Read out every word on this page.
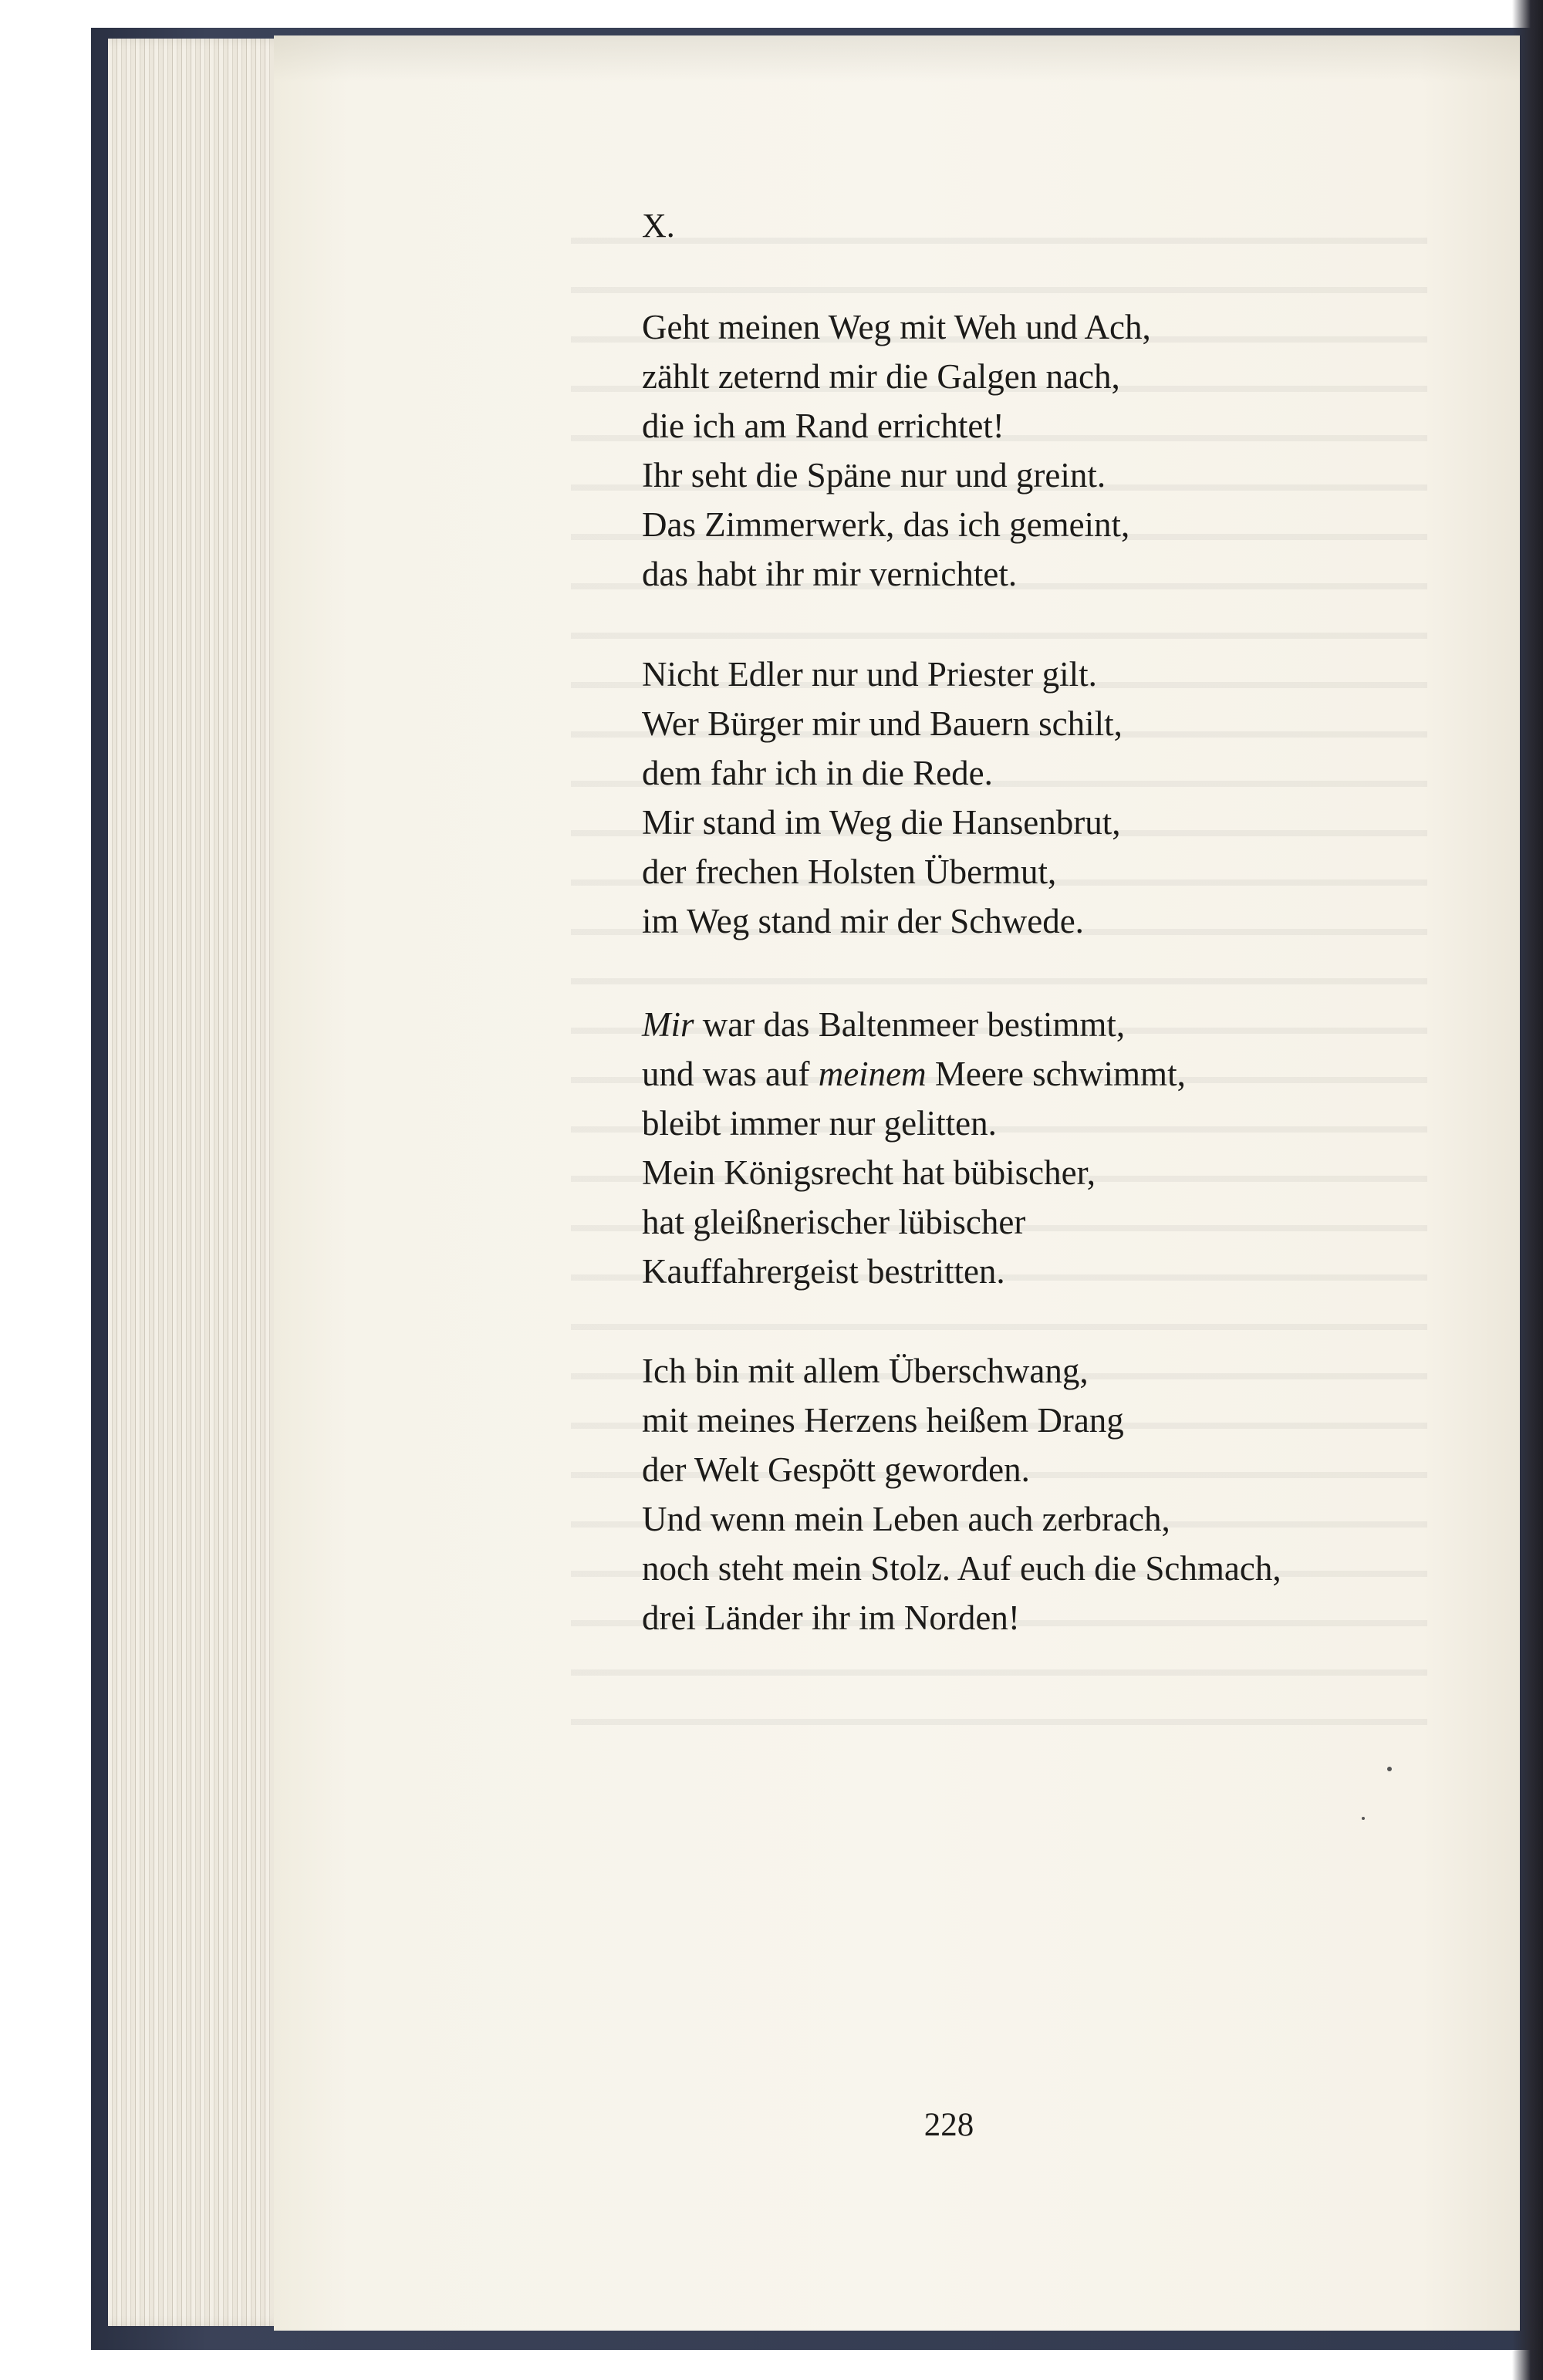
X.
Geht meinen Weg mit Weh und Ach,
zählt zeternd mir die Galgen nach,
die ich am Rand errichtet!
Ihr seht die Späne nur und greint.
Das Zimmerwerk, das ich gemeint,
das habt ihr mir vernichtet.
Nicht Edler nur und Priester gilt.
Wer Bürger mir und Bauern schilt,
dem fahr ich in die Rede.
Mir stand im Weg die Hansenbrut,
der frechen Holsten Übermut,
im Weg stand mir der Schwede.
Mir war das Baltenmeer bestimmt,
und was auf meinem Meere schwimmt,
bleibt immer nur gelitten.
Mein Königsrecht hat bübischer,
hat gleißnerischer lübischer
Kauffahrergeist bestritten.
Ich bin mit allem Überschwang,
mit meines Herzens heißem Drang
der Welt Gespött geworden.
Und wenn mein Leben auch zerbrach,
noch steht mein Stolz. Auf euch die Schmach,
drei Länder ihr im Norden!
228
